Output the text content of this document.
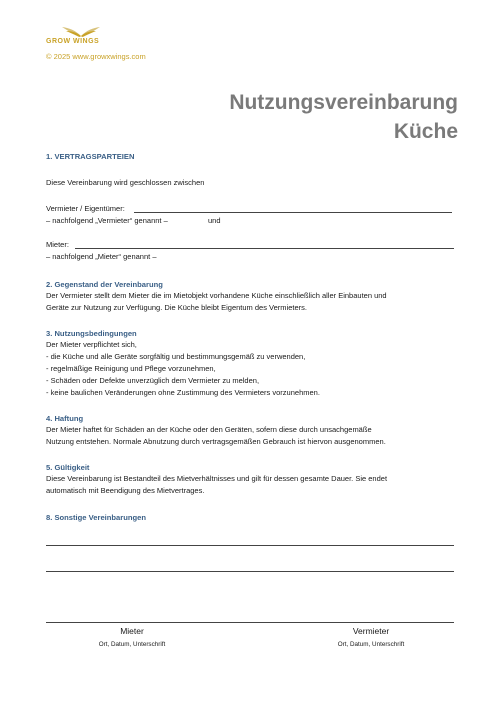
GROW WINGS
© 2025 www.growxwings.com
Nutzungsvereinbarung
Küche
1. VERTRAGSPARTEIEN
Diese Vereinbarung wird geschlossen zwischen
Vermieter / Eigentümer:
– nachfolgend „Vermieter“ genannt –	und
Mieter:
– nachfolgend „Mieter“ genannt –
2. Gegenstand der Vereinbarung
Der Vermieter stellt dem Mieter die im Mietobjekt vorhandene Küche einschließlich aller Einbauten und
Geräte zur Nutzung zur Verfügung. Die Küche bleibt Eigentum des Vermieters.
3. Nutzungsbedingungen
Der Mieter verpflichtet sich,
- die Küche und alle Geräte sorgfältig und bestimmungsgemäß zu verwenden,
- regelmäßige Reinigung und Pflege vorzunehmen,
- Schäden oder Defekte unverzüglich dem Vermieter zu melden,
- keine baulichen Veränderungen ohne Zustimmung des Vermieters vorzunehmen.
4. Haftung
Der Mieter haftet für Schäden an der Küche oder den Geräten, sofern diese durch unsachgemäße
Nutzung entstehen. Normale Abnutzung durch vertragsgemäßen Gebrauch ist hiervon ausgenommen.
5. Gültigkeit
Diese Vereinbarung ist Bestandteil des Mietverhältnisses und gilt für dessen gesamte Dauer. Sie endet
automatisch mit Beendigung des Mietvertrages.
8. Sonstige Vereinbarungen
Mieter
Ort, Datum, Unterschrift
Vermieter
Ort, Datum, Unterschrift
